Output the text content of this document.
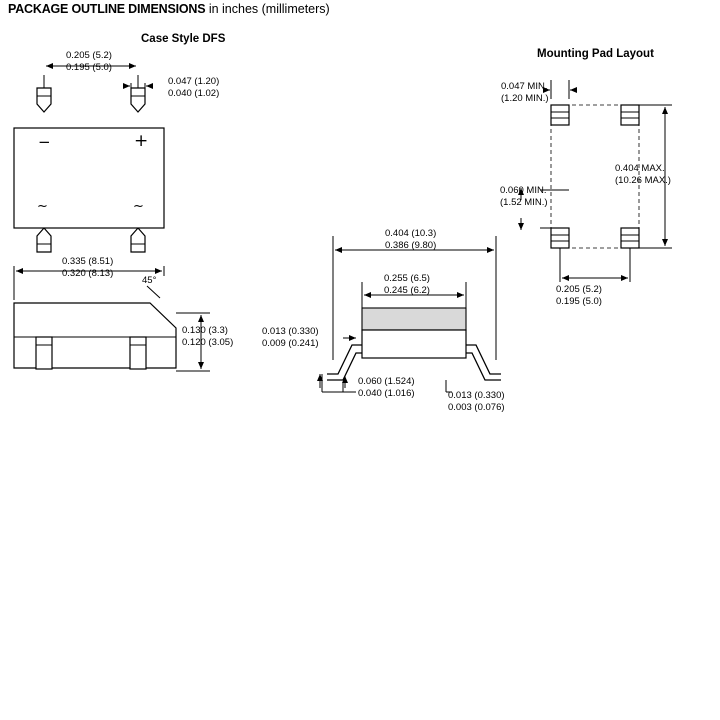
PACKAGE OUTLINE DIMENSIONS in inches (millimeters)
Case Style DFS
Mounting Pad Layout
0.205 (5.2)
0.195 (5.0)
0.047 (1.20)
0.040 (1.02)
−	+
~	~
0.335 (8.51)
0.320 (8.13)
45°
0.130 (3.3)
0.120 (3.05)
0.404 (10.3)
0.386 (9.80)
0.255 (6.5)
0.245 (6.2)
0.013 (0.330)
0.009 (0.241)
0.060 (1.524)
0.040 (1.016)	0.013 (0.330)
0.003 (0.076)
0.047 MIN.
(1.20 MIN.)
0.060 MIN.
(1.52 MIN.)
0.404 MAX.
(10.26 MAX.)
0.205 (5.2)
0.195 (5.0)
